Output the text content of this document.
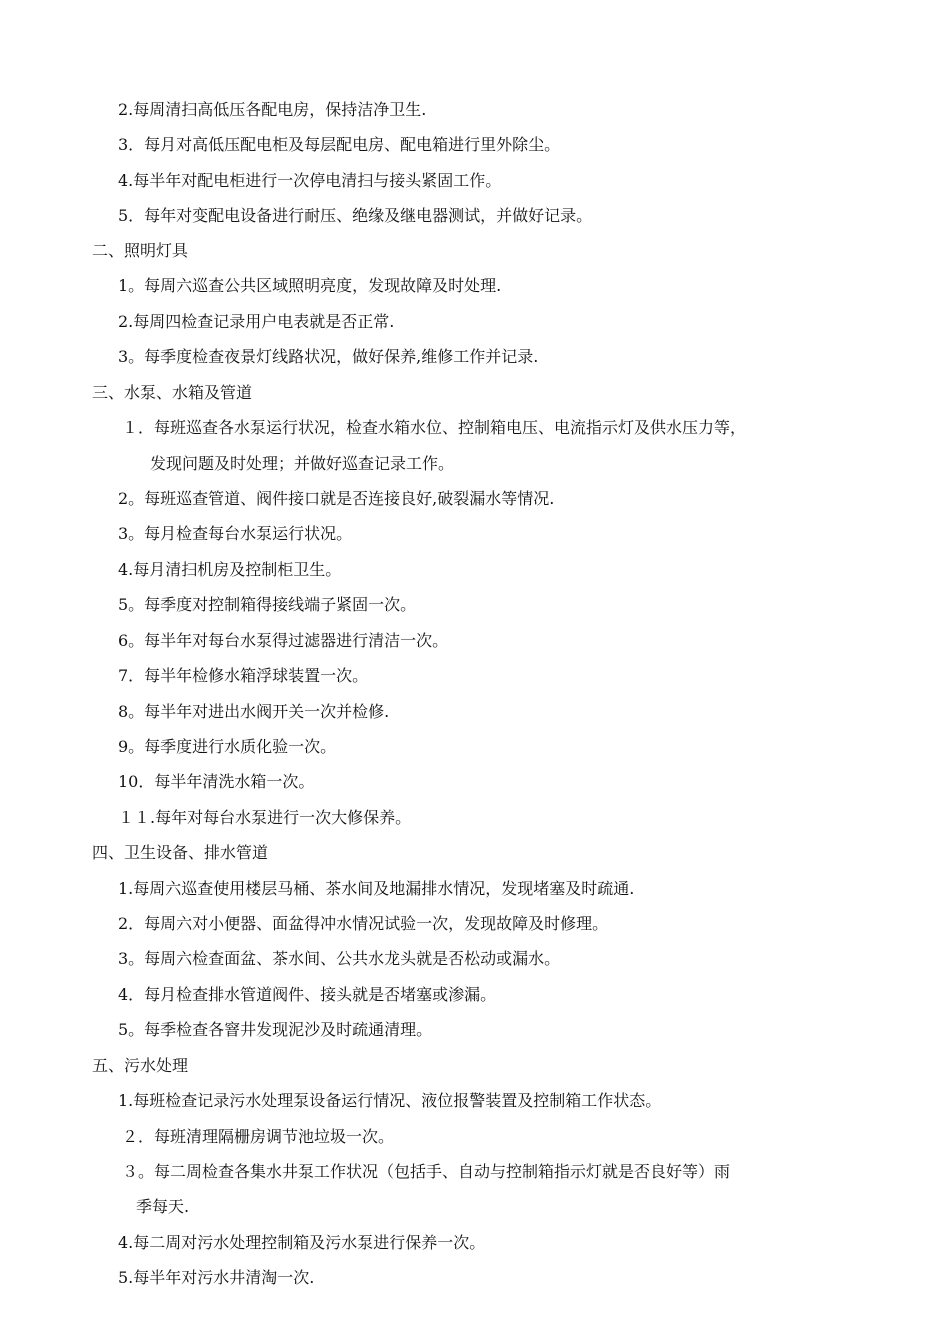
2.每周清扫高低压各配电房，保持洁净卫生.
3．每月对高低压配电柜及每层配电房、配电箱进行里外除尘。
4.每半年对配电柜进行一次停电清扫与接头紧固工作。
5．每年对变配电设备进行耐压、绝缘及继电器测试，并做好记录。
二、照明灯具
1。每周六巡查公共区域照明亮度，发现故障及时处理.
2.每周四检查记录用户电表就是否正常.
3。每季度检查夜景灯线路状况，做好保养,维修工作并记录.
三、水泵、水箱及管道
１．每班巡查各水泵运行状况，检查水箱水位、控制箱电压、电流指示灯及供水压力等，
发现问题及时处理；并做好巡查记录工作。
2。每班巡查管道、阀件接口就是否连接良好,破裂漏水等情况.
3。每月检查每台水泵运行状况。
4.每月清扫机房及控制柜卫生。
5。每季度对控制箱得接线端子紧固一次。
6。每半年对每台水泵得过滤器进行清洁一次。
7．每半年检修水箱浮球装置一次。
8。每半年对进出水阀开关一次并检修.
9。每季度进行水质化验一次。
10．每半年清洗水箱一次。
１１.每年对每台水泵进行一次大修保养。
四、卫生设备、排水管道
1.每周六巡查使用楼层马桶、茶水间及地漏排水情况，发现堵塞及时疏通.
2．每周六对小便器、面盆得冲水情况试验一次，发现故障及时修理。
3。每周六检查面盆、茶水间、公共水龙头就是否松动或漏水。
4．每月检查排水管道阀件、接头就是否堵塞或渗漏。
5。每季检查各窨井发现泥沙及时疏通清理。
五、污水处理
1.每班检查记录污水处理泵设备运行情况、液位报警装置及控制箱工作状态。
２．每班清理隔栅房调节池垃圾一次。
３。每二周检查各集水井泵工作状况（包括手、自动与控制箱指示灯就是否良好等）雨
季每天.
4.每二周对污水处理控制箱及污水泵进行保养一次。
5.每半年对污水井清淘一次.
